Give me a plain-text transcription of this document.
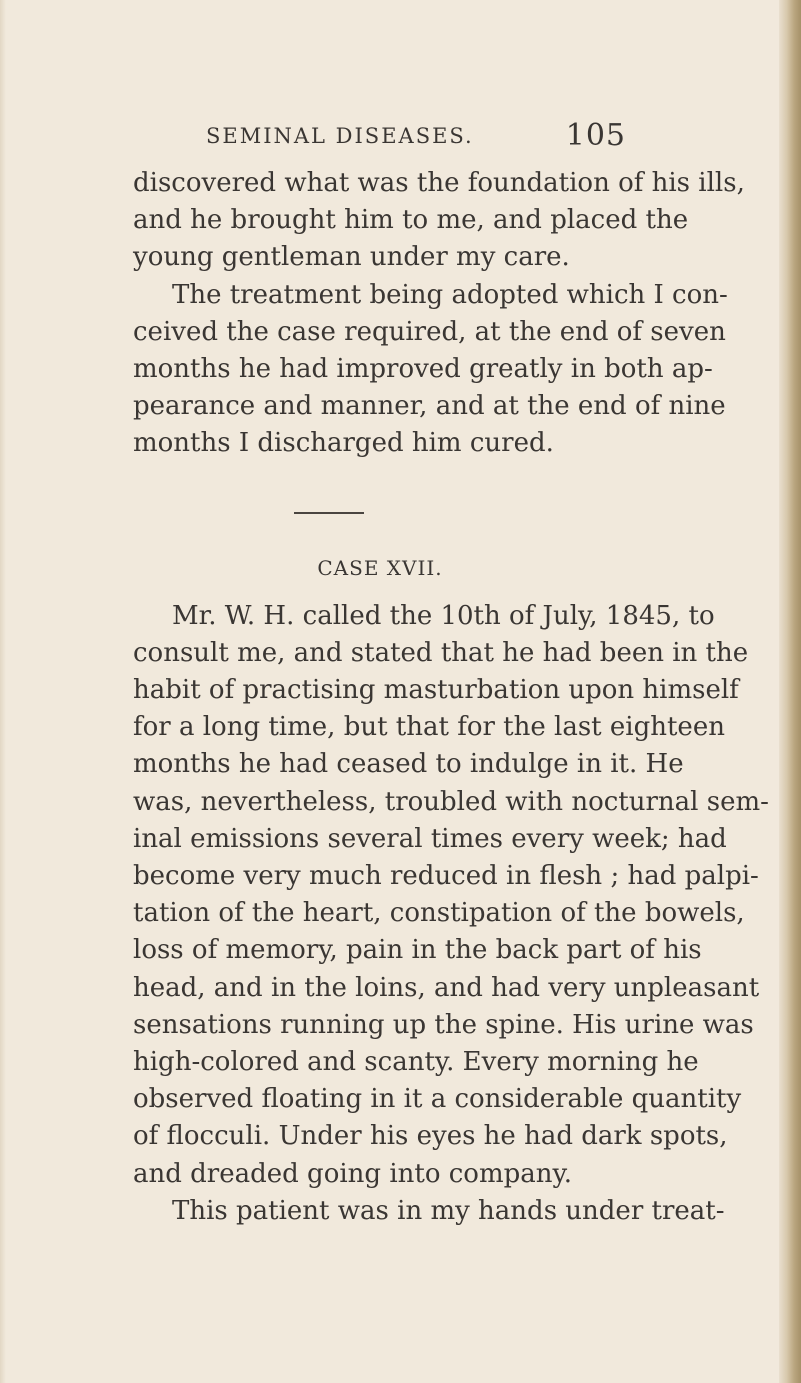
SEMINAL DISEASES.	105
discovered what was the foundation of his ills,
and he brought him to me, and placed the
young gentleman under my care.
The treatment being adopted which I con-
ceived the case required, at the end of seven
months he had improved greatly in both ap-
pearance and manner, and at the end of nine
months I discharged him cured.
CASE XVII.
Mr. W. H. called the 10th of July, 1845, to
consult me, and stated that he had been in the
habit of practising masturbation upon himself
for a long time, but that for the last eighteen
months he had ceased to indulge in it. He
was, nevertheless, troubled with nocturnal sem-
inal emissions several times every week; had
become very much reduced in flesh ; had palpi-
tation of the heart, constipation of the bowels,
loss of memory, pain in the back part of his
head, and in the loins, and had very unpleasant
sensations running up the spine. His urine was
high-colored and scanty. Every morning he
observed floating in it a considerable quantity
of flocculi. Under his eyes he had dark spots,
and dreaded going into company.
This patient was in my hands under treat-
